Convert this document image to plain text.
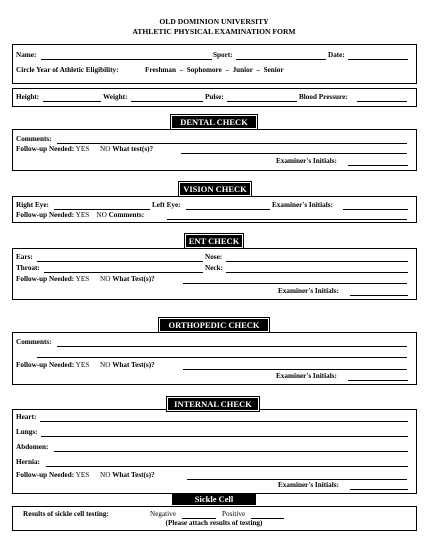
OLD DOMINION UNIVERSITY
ATHLETIC PHYSICAL EXAMINATION FORM
Name:	Sport:	Date:
Circle Year of Athletic Eligibility:	Freshman  –  Sophomore  –  Junior  –  Senior
Height:	Weight:	Pulse:	Blood Pressure:
DENTAL CHECK
Comments:
Follow-up Needed: YES      NO What test(s)?
Examiner's Initials:
VISION CHECK
Right Eye:	Left Eye:	Examiner's Initials:
Follow-up Needed: YES    NO Comments:
ENT CHECK
Ears:	Nose:
Throat:	Neck:
Follow-up Needed: YES      NO What Test(s)?
Examiner's Initials:
ORTHOPEDIC CHECK
Comments:
Follow-up Needed: YES      NO What Test(s)?
Examiner's Initials:
INTERNAL CHECK
Heart:
Lungs:
Abdomen:
Hernia:
Follow-up Needed: YES      NO What Test(s)?
Examiner's Initials:
Sickle Cell
Results of sickle cell testing:	Negative	Positive
(Please attach results of testing)
